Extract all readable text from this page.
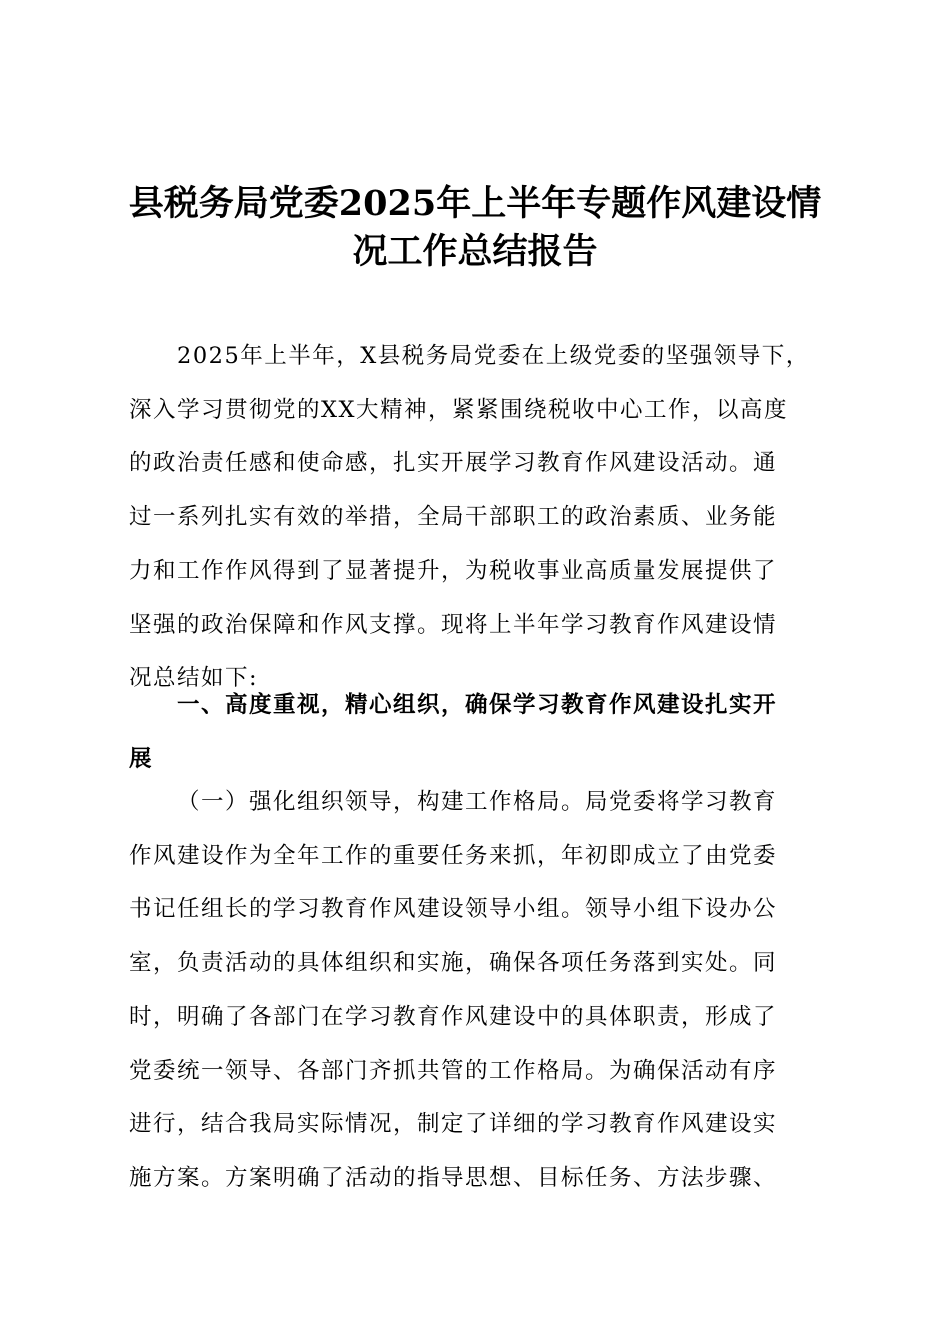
县税务局党委2025年上半年专题作风建设情
况工作总结报告
2025年上半年，X县税务局党委在上级党委的坚强领导下，
深入学习贯彻党的XX大精神，紧紧围绕税收中心工作，以高度
的政治责任感和使命感，扎实开展学习教育作风建设活动。通
过一系列扎实有效的举措，全局干部职工的政治素质、业务能
力和工作作风得到了显著提升，为税收事业高质量发展提供了
坚强的政治保障和作风支撑。现将上半年学习教育作风建设情
况总结如下:
一、高度重视，精心组织，确保学习教育作风建设扎实开
展
（一）强化组织领导，构建工作格局。局党委将学习教育
作风建设作为全年工作的重要任务来抓，年初即成立了由党委
书记任组长的学习教育作风建设领导小组。领导小组下设办公
室，负责活动的具体组织和实施，确保各项任务落到实处。同
时，明确了各部门在学习教育作风建设中的具体职责，形成了
党委统一领导、各部门齐抓共管的工作格局。为确保活动有序
进行，结合我局实际情况，制定了详细的学习教育作风建设实
施方案。方案明确了活动的指导思想、目标任务、方法步骤、
